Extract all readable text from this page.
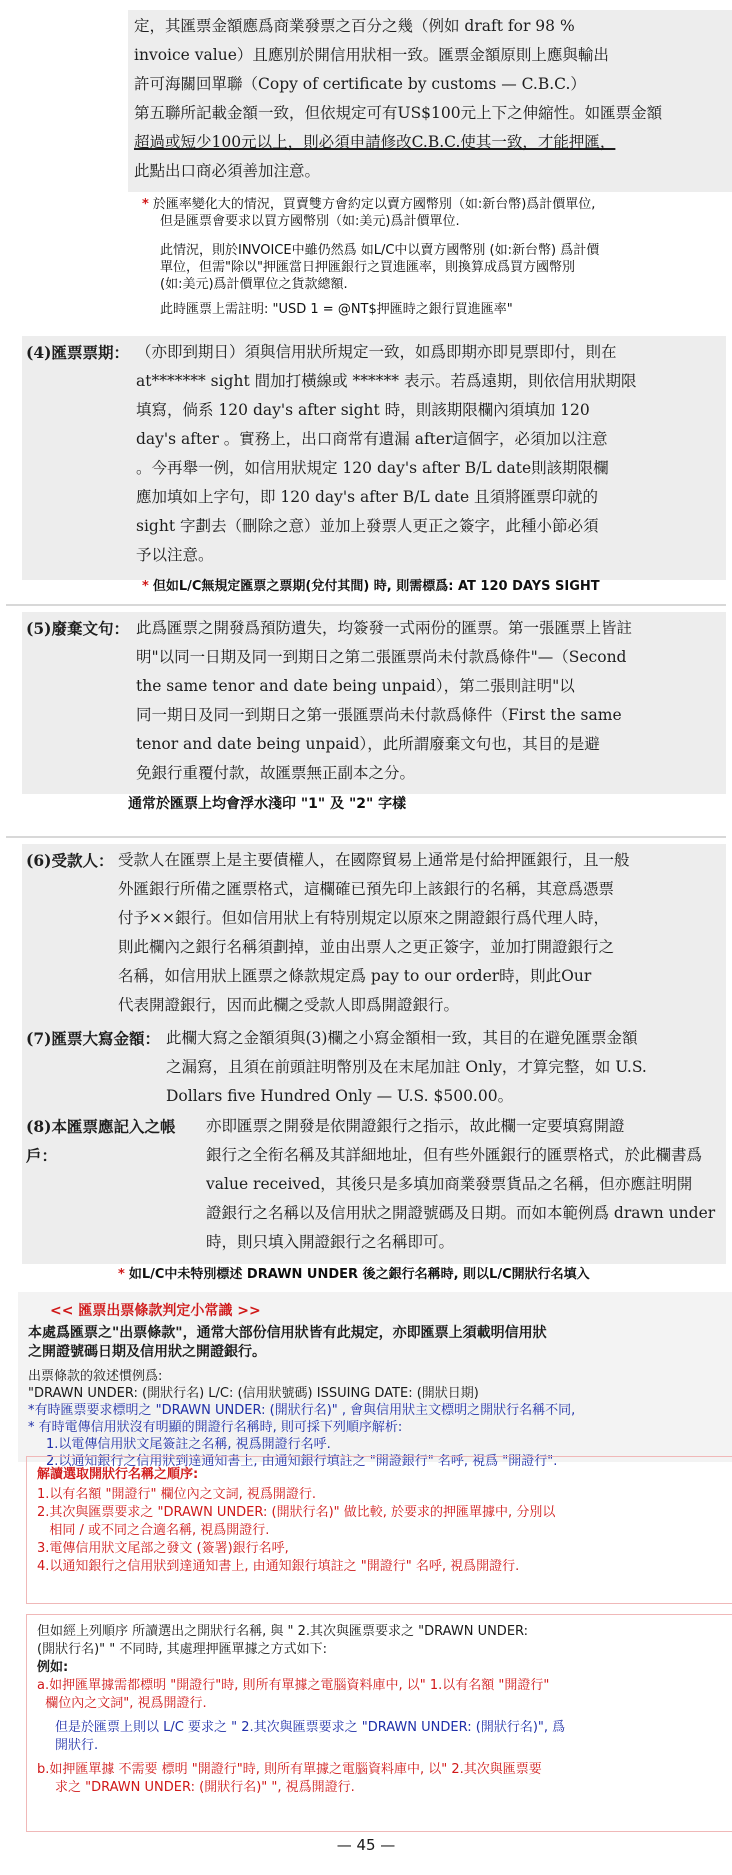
定，其匯票金額應爲商業發票之百分之幾（例如 draft for 98 %
invoice value）且應別於開信用狀相一致。匯票金額原則上應與輸出
許可海關回單聯（Copy of certificate by customs — C.B.C.）
第五聯所記載金額一致，但依規定可有US$100元上下之伸縮性。如匯票金額
超過或短少100元以上，則必須申請修改C.B.C.使其一致，才能押匯，
此點出口商必須善加注意。
* 於匯率變化大的情況，買賣雙方會約定以賣方國幣別（如:新台幣)爲計價單位,
但是匯票會要求以買方國幣別（如:美元)爲計價單位.
此情況，則於INVOICE中雖仍然爲 如L/C中以賣方國幣別 (如:新台幣) 爲計價
單位，但需"除以"押匯當日押匯銀行之買進匯率，則換算成爲買方國幣別
(如:美元)爲計價單位之貨款總額.
此時匯票上需註明: "USD 1 = @NT$押匯時之銀行買進匯率"
(4)匯票票期： （亦即到期日）須與信用狀所規定一致，如爲即期亦即見票即付，則在
at******* sight 間加打橫線或 ****** 表示。若爲遠期，則依信用狀期限
填寫，倘系 120 day's after sight 時，則該期限欄內須填加 120
day's after 。實務上，出口商常有遺漏 after這個字，必須加以注意
。今再舉一例，如信用狀規定 120 day's after B/L date則該期限欄
應加填如上字句，即 120 day's after B/L date 且須將匯票印就的
sight 字劃去（刪除之意）並加上發票人更正之簽字，此種小節必須
予以注意。
* 但如L/C無規定匯票之票期(兌付其間) 時, 則需標爲: AT 120 DAYS SIGHT
(5)廢棄文句： 此爲匯票之開發爲預防遺失，均簽發一式兩份的匯票。第一張匯票上皆註
明"以同一日期及同一到期日之第二張匯票尚未付款爲條件"—（Second
the same tenor and date being unpaid），第二張則註明"以
同一期日及同一到期日之第一張匯票尚未付款爲條件（First the same
tenor and date being unpaid），此所謂廢棄文句也，其目的是避
免銀行重覆付款，故匯票無正副本之分。
通常於匯票上均會浮水淺印 "1" 及 "2" 字樣
(6)受款人： 受款人在匯票上是主要債權人，在國際貿易上通常是付給押匯銀行，且一般
外匯銀行所備之匯票格式，這欄確已預先印上該銀行的名稱，其意爲憑票
付予××銀行。但如信用狀上有特別規定以原來之開證銀行爲代理人時，
則此欄內之銀行名稱須劃掉，並由出票人之更正簽字，並加打開證銀行之
名稱，如信用狀上匯票之條款規定爲 pay to our order時，則此Our
代表開證銀行，因而此欄之受款人即爲開證銀行。
(7)匯票大寫金額： 此欄大寫之金額須與(3)欄之小寫金額相一致，其目的在避免匯票金額
之漏寫，且須在前頭註明幣別及在末尾加註 Only，才算完整，如 U.S.
Dollars five Hundred Only — U.S. $500.00。
(8)本匯票應記入之帳戶：
亦即匯票之開發是依開證銀行之指示，故此欄一定要填寫開證
銀行之全衔名稱及其詳細地址，但有些外匯銀行的匯票格式，於此欄書爲
value received，其後只是多填加商業發票貨品之名稱，但亦應註明開
證銀行之名稱以及信用狀之開證號碼及日期。而如本範例爲 drawn under
時，則只填入開證銀行之名稱即可。
* 如L/C中未特別標述 DRAWN UNDER 後之銀行名稱時, 則以L/C開狀行名填入
<< 匯票出票條款判定小常識 >>
本處爲匯票之"出票條款"，通常大部份信用狀皆有此規定，亦即匯票上須載明信用狀
之開證號碼日期及信用狀之開證銀行。
出票條款的敘述慣例爲:
"DRAWN UNDER: (開狀行名) L/C: (信用狀號碼) ISSUING DATE: (開狀日期)
*有時匯票要求標明之 "DRAWN UNDER: (開狀行名)" , 會與信用狀主文標明之開狀行名稱不同,
* 有時電傳信用狀沒有明顯的開證行名稱時, 則可採下列順序解析:
1.以電傳信用狀文尾簽註之名稱, 視爲開證行名呼.
2.以通知銀行之信用狀到達通知書上, 由通知銀行填註之 "開證銀行" 名呼, 視爲 "開證行".
解讀選取開狀行名稱之順序:
1.以有名額 "開證行" 欄位內之文詞, 視爲開證行.
2.其次與匯票要求之 "DRAWN UNDER: (開狀行名)" 做比較, 於要求的押匯單據中, 分別以
相同 / 或不同之合適名稱, 視爲開證行.
3.電傳信用狀文尾部之發文 (簽署)銀行名呼,
4.以通知銀行之信用狀到達通知書上, 由通知銀行填註之 "開證行" 名呼, 視爲開證行.
但如經上列順序 所讀選出之開狀行名稱, 與 " 2.其次與匯票要求之 "DRAWN UNDER:
(開狀行名)" " 不同時, 其處理押匯單據之方式如下:
例如:
a.如押匯單據需都標明 "開證行"時, 則所有單據之電腦資料庫中, 以" 1.以有名額 "開證行"
欄位內之文詞", 視爲開證行.
但是於匯票上則以 L/C 要求之 " 2.其次與匯票要求之 "DRAWN UNDER: (開狀行名)", 爲
開狀行.
b.如押匯單據 不需要 標明 "開證行"時, 則所有單據之電腦資料庫中, 以" 2.其次與匯票要
求之 "DRAWN UNDER: (開狀行名)" ", 視爲開證行.
— 45 —
